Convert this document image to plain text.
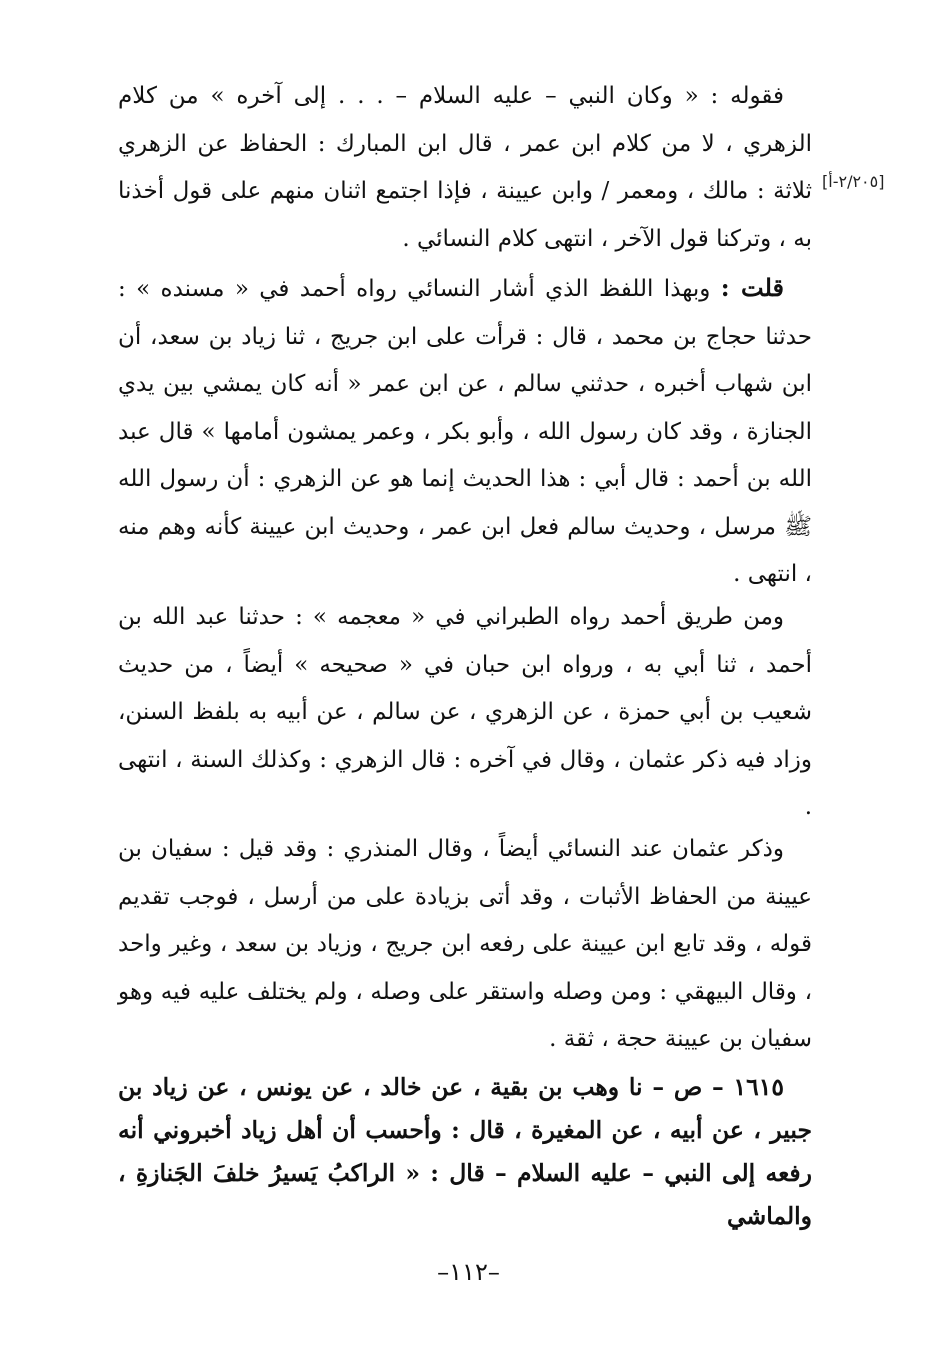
[٢/٢٠٥-أ]

فقوله : « وكان النبي – عليه السلام – . . . إلى آخره » من كلام الزهري ، لا من كلام ابن عمر ، قال ابن المبارك : الحفاظ عن الزهري ثلاثة : مالك ، ومعمر / وابن عيينة ، فإذا اجتمع اثنان منهم على قول أخذنا به ، وتركنا قول الآخر ، انتهى كلام النسائي .

قلت : وبهذا اللفظ الذي أشار النسائي رواه أحمد في « مسنده » : حدثنا حجاج بن محمد ، قال : قرأت على ابن جريج ، ثنا زياد بن سعد، أن ابن شهاب أخبره ، حدثني سالم ، عن ابن عمر « أنه كان يمشي بين يدي الجنازة ، وقد كان رسول الله ، وأبو بكر ، وعمر يمشون أمامها » قال عبد الله بن أحمد : قال أبي : هذا الحديث إنما هو عن الزهري : أن رسول الله ﷺ مرسل ، وحديث سالم فعل ابن عمر ، وحديث ابن عيينة كأنه وهم منه ، انتهى .

ومن طريق أحمد رواه الطبراني في « معجمه » : حدثنا عبد الله بن أحمد ، ثنا أبي به ، ورواه ابن حبان في « صحيحه » أيضاً ، من حديث شعيب بن أبي حمزة ، عن الزهري ، عن سالم ، عن أبيه به بلفظ السنن، وزاد فيه ذكر عثمان ، وقال في آخره : قال الزهري : وكذلك السنة ، انتهى .

وذكر عثمان عند النسائي أيضاً ، وقال المنذري : وقد قيل : سفيان بن عيينة من الحفاظ الأثبات ، وقد أتى بزيادة على من أرسل ، فوجب تقديم قوله ، وقد تابع ابن عيينة على رفعه ابن جريج ، وزياد بن سعد ، وغير واحد ، وقال البيهقي : ومن وصله واستقر على وصله ، ولم يختلف عليه فيه وهو سفيان بن عيينة حجة ، ثقة .

١٦١٥ – ص – نا وهب بن بقية ، عن خالد ، عن يونس ، عن زياد بن جبير ، عن أبيه ، عن المغيرة ، قال : وأحسب أن أهل زياد أخبروني أنه رفعه إلى النبي – عليه السلام – قال : « الراكبُ يَسيرُ خلفَ الجَنازةِ ، والماشي

–١١٢–
